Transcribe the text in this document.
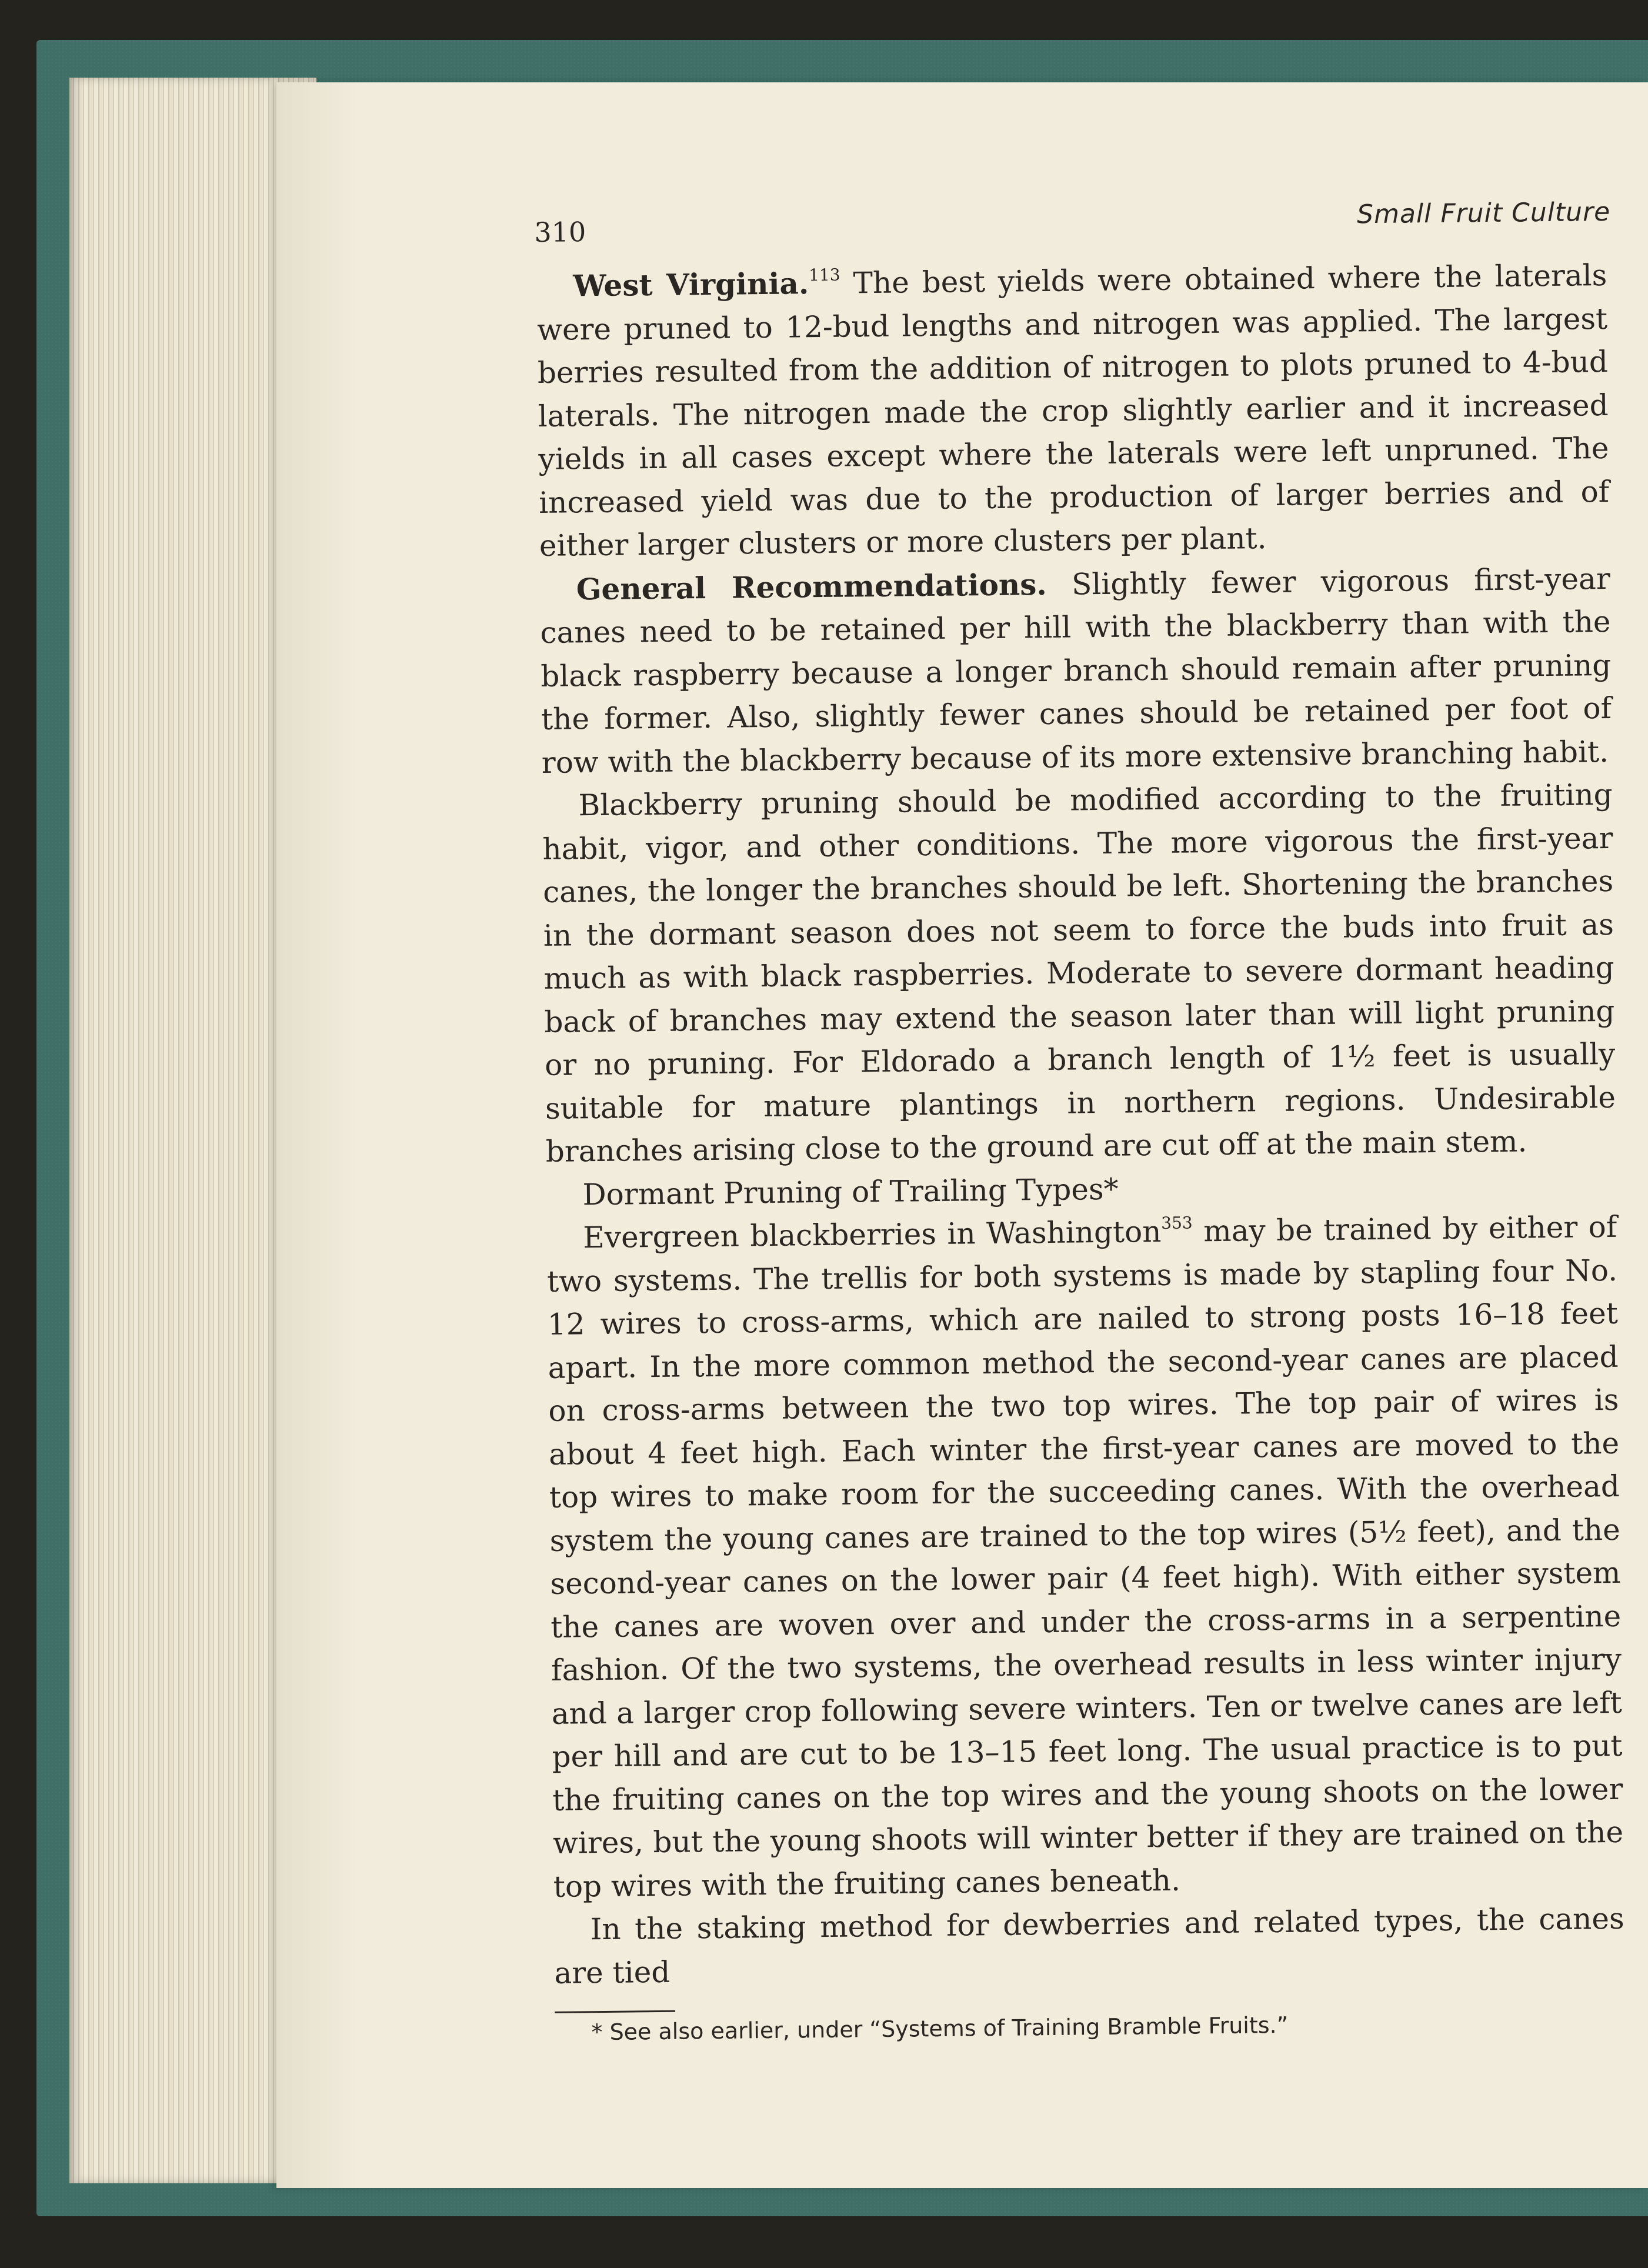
310
Small Fruit Culture

West Virginia.$^{113}$ The best yields were obtained where the laterals were pruned to 12-bud lengths and nitrogen was applied. The largest berries resulted from the addition of nitrogen to plots pruned to 4-bud laterals. The nitrogen made the crop slightly earlier and it increased yields in all cases except where the laterals were left unpruned. The increased yield was due to the production of larger berries and of either larger clusters or more clusters per plant.

General Recommendations. Slightly fewer vigorous first-year canes need to be retained per hill with the blackberry than with the black raspberry because a longer branch should remain after pruning the former. Also, slightly fewer canes should be retained per foot of row with the blackberry because of its more extensive branching habit.

Blackberry pruning should be modified according to the fruiting habit, vigor, and other conditions. The more vigorous the first-year canes, the longer the branches should be left. Shortening the branches in the dormant season does not seem to force the buds into fruit as much as with black raspberries. Moderate to severe dormant heading back of branches may extend the season later than will light pruning or no pruning. For Eldorado a branch length of 1½ feet is usually suitable for mature plantings in northern regions. Undesirable branches arising close to the ground are cut off at the main stem.

Dormant Pruning of Trailing Types*

Evergreen blackberries in Washington$^{353}$ may be trained by either of two systems. The trellis for both systems is made by stapling four No. 12 wires to cross-arms, which are nailed to strong posts 16–18 feet apart. In the more common method the second-year canes are placed on cross-arms between the two top wires. The top pair of wires is about 4 feet high. Each winter the first-year canes are moved to the top wires to make room for the succeeding canes. With the overhead system the young canes are trained to the top wires (5½ feet), and the second-year canes on the lower pair (4 feet high). With either system the canes are woven over and under the cross-arms in a serpentine fashion. Of the two systems, the overhead results in less winter injury and a larger crop following severe winters. Ten or twelve canes are left per hill and are cut to be 13–15 feet long. The usual practice is to put the fruiting canes on the top wires and the young shoots on the lower wires, but the young shoots will winter better if they are trained on the top wires with the fruiting canes beneath.

In the staking method for dewberries and related types, the canes are tied

* See also earlier, under “Systems of Training Bramble Fruits.”
